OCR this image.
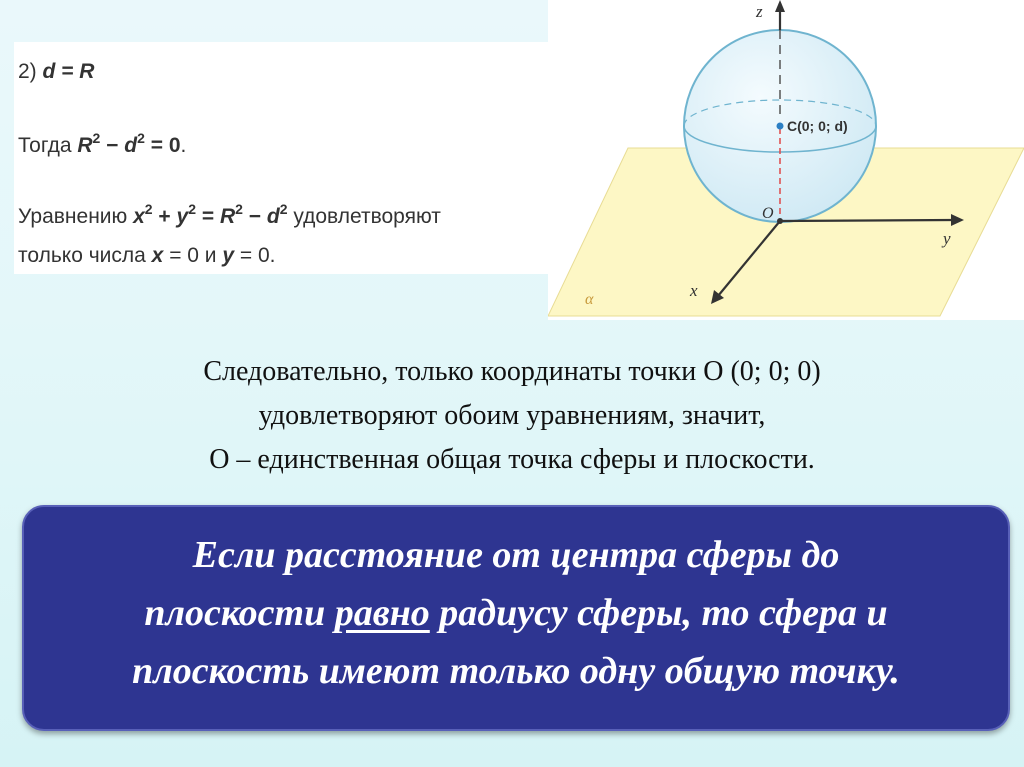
2) d = R
Тогда $R^2 - d^2 = 0$.
Уравнению $x^2 + y^2 = R^2 - d^2$ удовлетворяют
только числа x = 0 и y = 0.
z
y
x
O
α
C(0; 0; d)
Следовательно, только координаты точки O (0; 0; 0)
удовлетворяют обоим уравнениям, значит,
O – единственная общая точка сферы и плоскости.
Если расстояние от центра сферы до
плоскости равно радиусу сферы, то сфера и
плоскость имеют только одну общую точку.
